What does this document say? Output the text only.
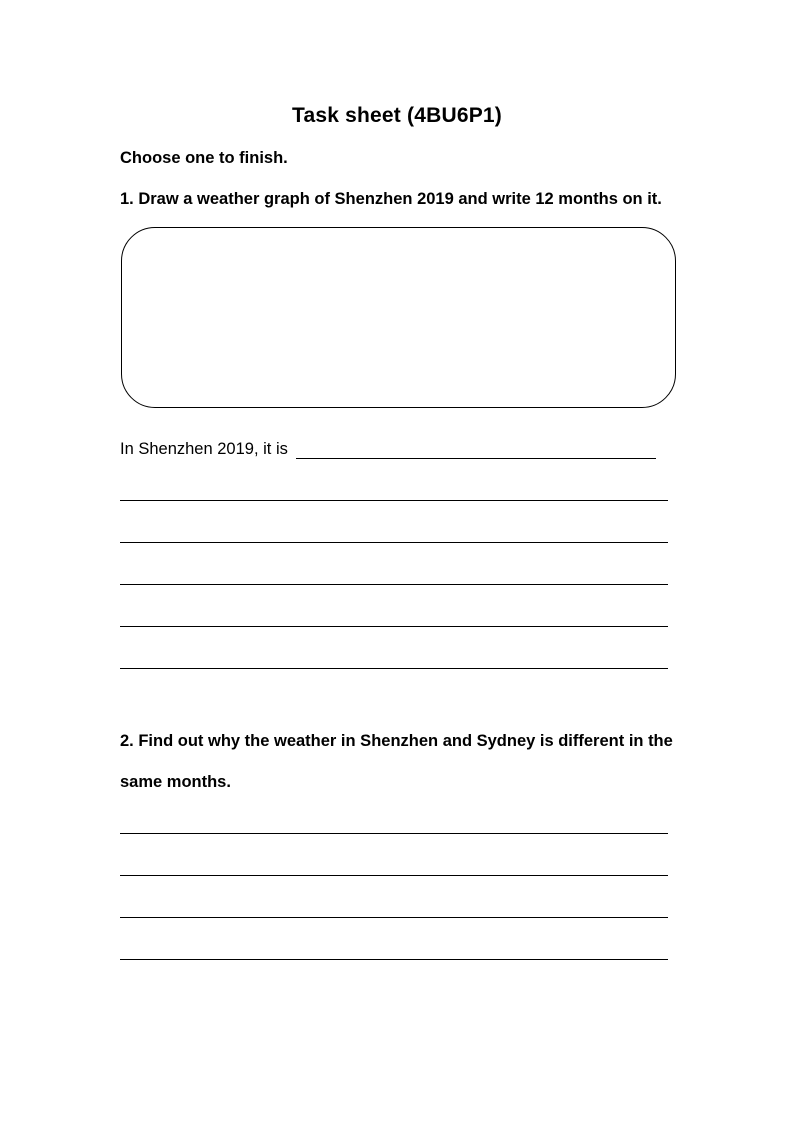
Task sheet (4BU6P1)
Choose one to finish.
1. Draw a weather graph of Shenzhen 2019 and write 12 months on it.
In Shenzhen 2019, it is
2. Find out why the weather in Shenzhen and Sydney is different in the
same months.
